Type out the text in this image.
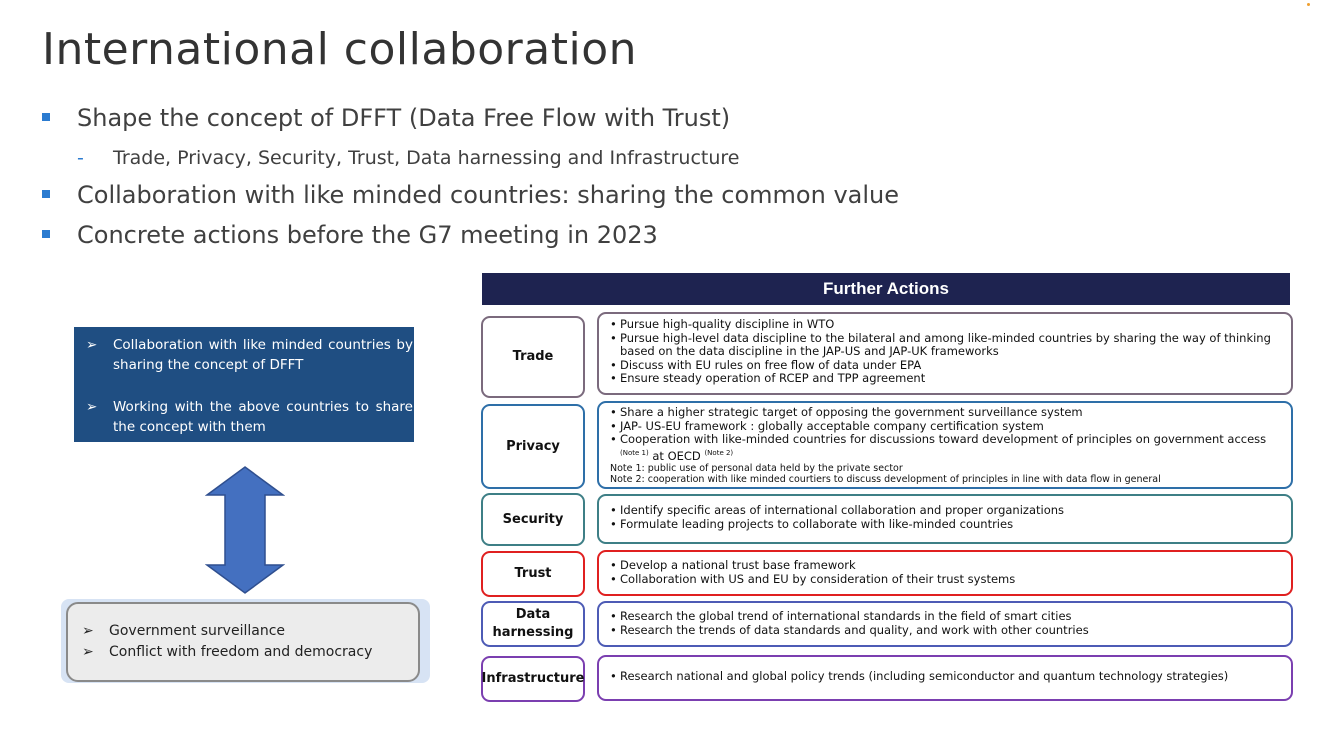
International collaboration
Shape the concept of DFFT (Data Free Flow with Trust)
- Trade, Privacy, Security, Trust, Data harnessing and Infrastructure
Collaboration with like minded countries: sharing the common value
Concrete actions before the G7 meeting in 2023
➢ Collaboration with like minded countries by sharing the concept of DFFT
➢ Working with the above countries to share the concept with them
➢ Government surveillance
➢ Conflict with freedom and democracy
Further Actions
Trade
• Pursue high-quality discipline in WTO
• Pursue high-level data discipline to the bilateral and among like-minded countries by sharing the way of thinking based on the data discipline in the JAP-US and JAP-UK frameworks
• Discuss with EU rules on free flow of data under EPA
• Ensure steady operation of RCEP and TPP agreement
Privacy
• Share a higher strategic target of opposing the government surveillance system
• JAP- US-EU framework : globally acceptable company certification system
• Cooperation with like-minded countries for discussions toward development of principles on government access
$^{(Note 1)}$ at OECD $^{(Note 2)}$
Note 1: public use of personal data held by the private sector
Note 2: cooperation with like minded courtiers to discuss development of principles in line with data flow in general
Security
• Identify specific areas of international collaboration and proper organizations
• Formulate leading projects to collaborate with like-minded countries
Trust
• Develop a national trust base framework
• Collaboration with US and EU by consideration of their trust systems
Data
harnessing
• Research the global trend of international standards in the field of smart cities
• Research the trends of data standards and quality, and work with other countries
Infrastructure • Research national and global policy trends (including semiconductor and quantum technology strategies)
